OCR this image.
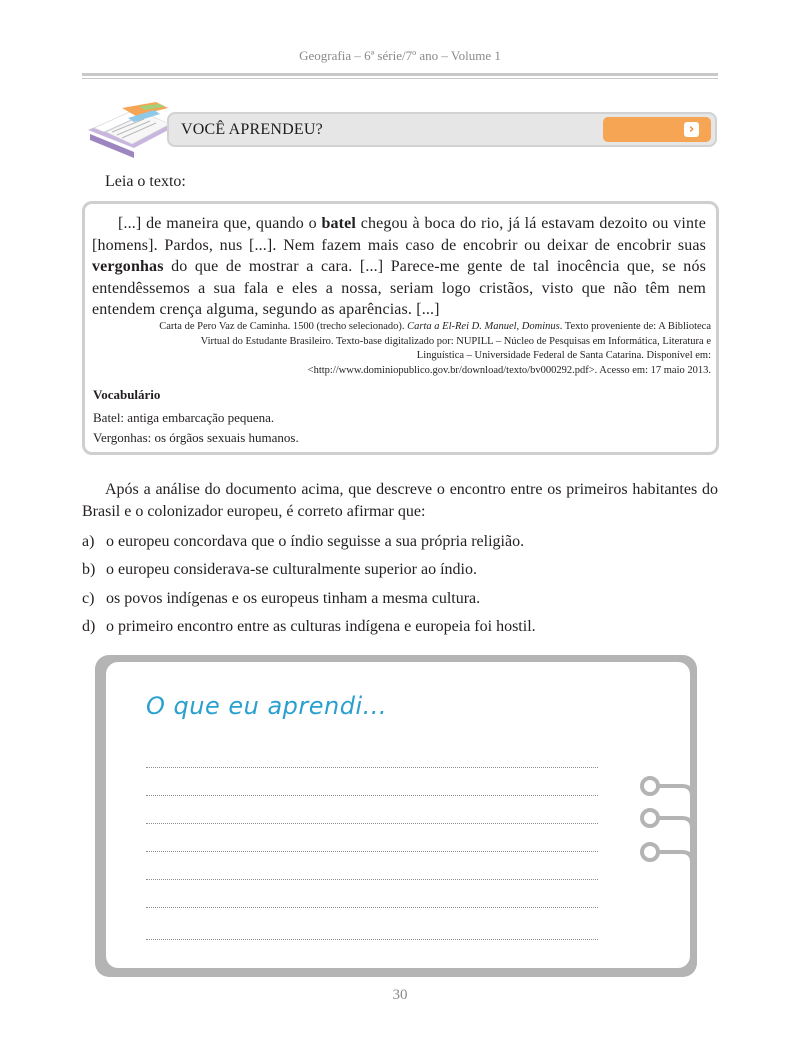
Geografia – 6ª série/7º ano – Volume 1
VOCÊ APRENDEU?	›
Leia o texto:

[...] de maneira que, quando o batel chegou à boca do rio, já lá estavam dezoito ou vinte [homens]. Pardos, nus [...]. Nem fazem mais caso de encobrir ou deixar de encobrir suas vergonhas do que de mostrar a cara. [...] Parece-me gente de tal inocência que, se nós entendêssemos a sua fala e eles a nossa, seriam logo cristãos, visto que não têm nem entendem crença alguma, segundo as aparências. [...]

Carta de Pero Vaz de Caminha. 1500 (trecho selecionado). Carta a El-Rei D. Manuel, Dominus. Texto proveniente de: A Biblioteca Virtual do Estudante Brasileiro. Texto-base digitalizado por: NUPILL – Núcleo de Pesquisas em Informática, Literatura e Linguística – Universidade Federal de Santa Catarina. Disponível em: <http://www.dominiopublico.gov.br/download/texto/bv000292.pdf>. Acesso em: 17 maio 2013.

Vocabulário
Batel: antiga embarcação pequena.
Vergonhas: os órgãos sexuais humanos.

Após a análise do documento acima, que descreve o encontro entre os primeiros habitantes do Brasil e o colonizador europeu, é correto afirmar que:

a) o europeu concordava que o índio seguisse a sua própria religião.
b) o europeu considerava-se culturalmente superior ao índio.
c) os povos indígenas e os europeus tinham a mesma cultura.
d) o primeiro encontro entre as culturas indígena e europeia foi hostil.
O que eu aprendi...
30
